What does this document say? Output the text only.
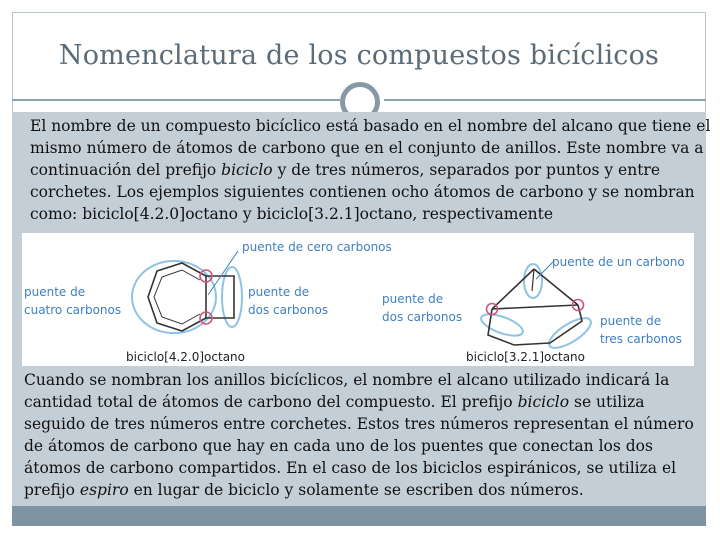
Nomenclatura de los compuestos bicíclicos

El nombre de un compuesto bicíclico está basado en el nombre del alcano que tiene el mismo número de átomos de carbono que en el conjunto de anillos. Este nombre va a continuación del prefijo biciclo y de tres números, separados por puntos y entre corchetes. Los ejemplos siguientes contienen ocho átomos de carbono y se nombran como: biciclo[4.2.0]octano y biciclo[3.2.1]octano, respectivamente

puente de cero carbonos
puente de
cuatro carbonos
puente de
dos carbonos
biciclo[4.2.0]octano
puente de un carbono
puente de
dos carbonos	puente de
tres carbonos
biciclo[3.2.1]octano

Cuando se nombran los anillos bicíclicos, el nombre el alcano utilizado indicará la cantidad total de átomos de carbono del compuesto. El prefijo biciclo se utiliza seguido de tres números entre corchetes. Estos tres números representan el número de átomos de carbono que hay en cada uno de los puentes que conectan los dos átomos de carbono compartidos. En el caso de los biciclos espiránicos, se utiliza el prefijo espiro en lugar de biciclo y solamente se escriben dos números.
